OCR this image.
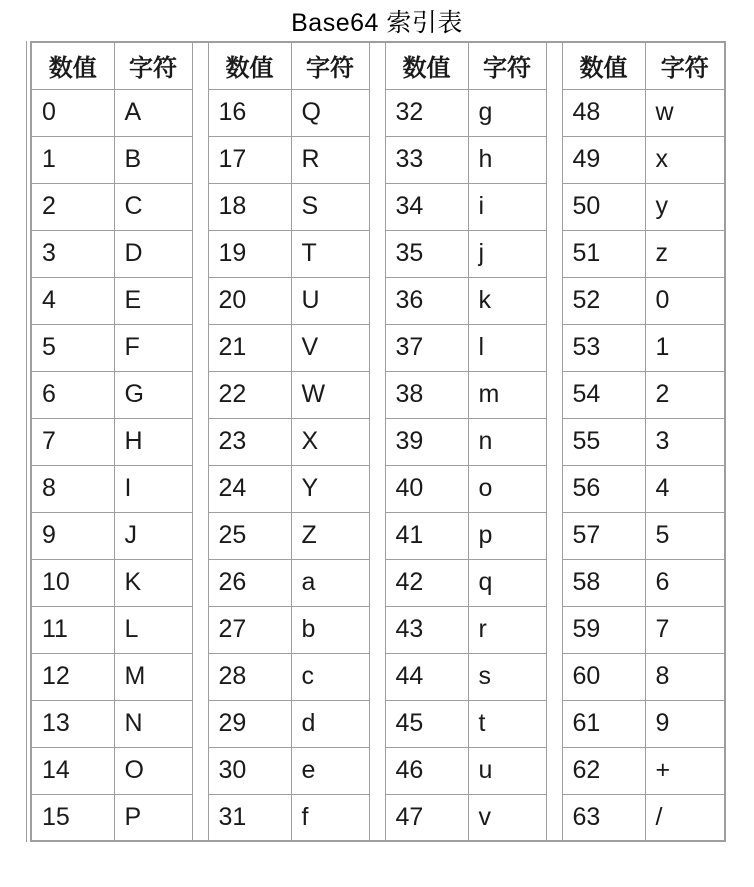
Base64 索引表
数值	字符		数值	字符		数值	字符		数值	字符
0	A		16	Q		32	g		48	w
1	B		17	R		33	h		49	x
2	C		18	S		34	i		50	y
3	D		19	T		35	j		51	z
4	E		20	U		36	k		52	0
5	F		21	V		37	l		53	1
6	G		22	W		38	m		54	2
7	H		23	X		39	n		55	3
8	I		24	Y		40	o		56	4
9	J		25	Z		41	p		57	5
10	K		26	a		42	q		58	6
11	L		27	b		43	r		59	7
12	M		28	c		44	s		60	8
13	N		29	d		45	t		61	9
14	O		30	e		46	u		62	+
15	P		31	f		47	v		63	/
